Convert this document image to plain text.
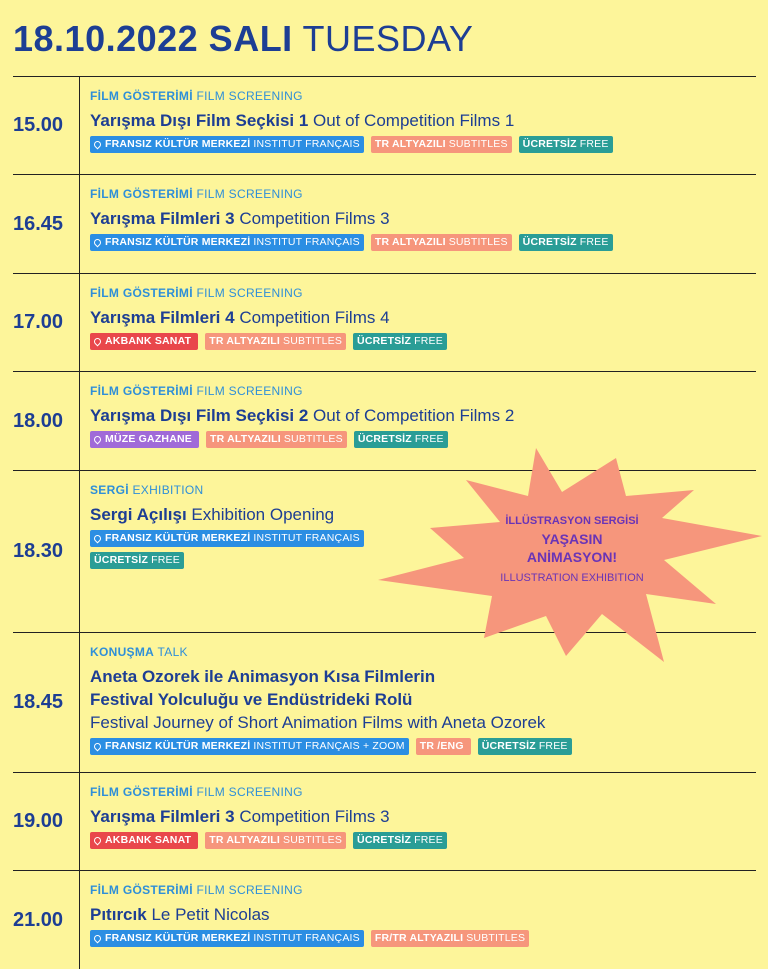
18.10.2022 SALI TUESDAY
15.00
FİLM GÖSTERİMİ FILM SCREENING
Yarışma Dışı Film Seçkisi 1 Out of Competition Films 1
FRANSIZ KÜLTÜR MERKEZİ INSTITUT FRANÇAIS TR ALTYAZILI SUBTITLES ÜCRETSİZ FREE
16.45
FİLM GÖSTERİMİ FILM SCREENING
Yarışma Filmleri 3 Competition Films 3
FRANSIZ KÜLTÜR MERKEZİ INSTITUT FRANÇAIS TR ALTYAZILI SUBTITLES ÜCRETSİZ FREE
17.00
FİLM GÖSTERİMİ FILM SCREENING
Yarışma Filmleri 4 Competition Films 4
AKBANK SANAT TR ALTYAZILI SUBTITLES ÜCRETSİZ FREE
18.00
FİLM GÖSTERİMİ FILM SCREENING
Yarışma Dışı Film Seçkisi 2 Out of Competition Films 2
MÜZE GAZHANE TR ALTYAZILI SUBTITLES ÜCRETSİZ FREE
18.30
SERGİ EXHIBITION
Sergi Açılışı Exhibition Opening
FRANSIZ KÜLTÜR MERKEZİ INSTITUT FRANÇAIS
ÜCRETSİZ FREE
18.45
KONUŞMA TALK
Aneta Ozorek ile Animasyon Kısa Filmlerin Festival Yolculuğu ve Endüstrideki Rolü
Festival Journey of Short Animation Films with Aneta Ozorek
FRANSIZ KÜLTÜR MERKEZİ INSTITUT FRANÇAIS + ZOOM TR /ENG ÜCRETSİZ FREE
19.00
FİLM GÖSTERİMİ FILM SCREENING
Yarışma Filmleri 3 Competition Films 3
AKBANK SANAT TR ALTYAZILI SUBTITLES ÜCRETSİZ FREE
21.00
FİLM GÖSTERİMİ FILM SCREENING
Pıtırcık Le Petit Nicolas
FRANSIZ KÜLTÜR MERKEZİ INSTITUT FRANÇAIS FR/TR ALTYAZILI SUBTITLES
İLLÜSTRASYON SERGİSİ
YAŞASIN
ANİMASYON!
ILLUSTRATION EXHIBITION
